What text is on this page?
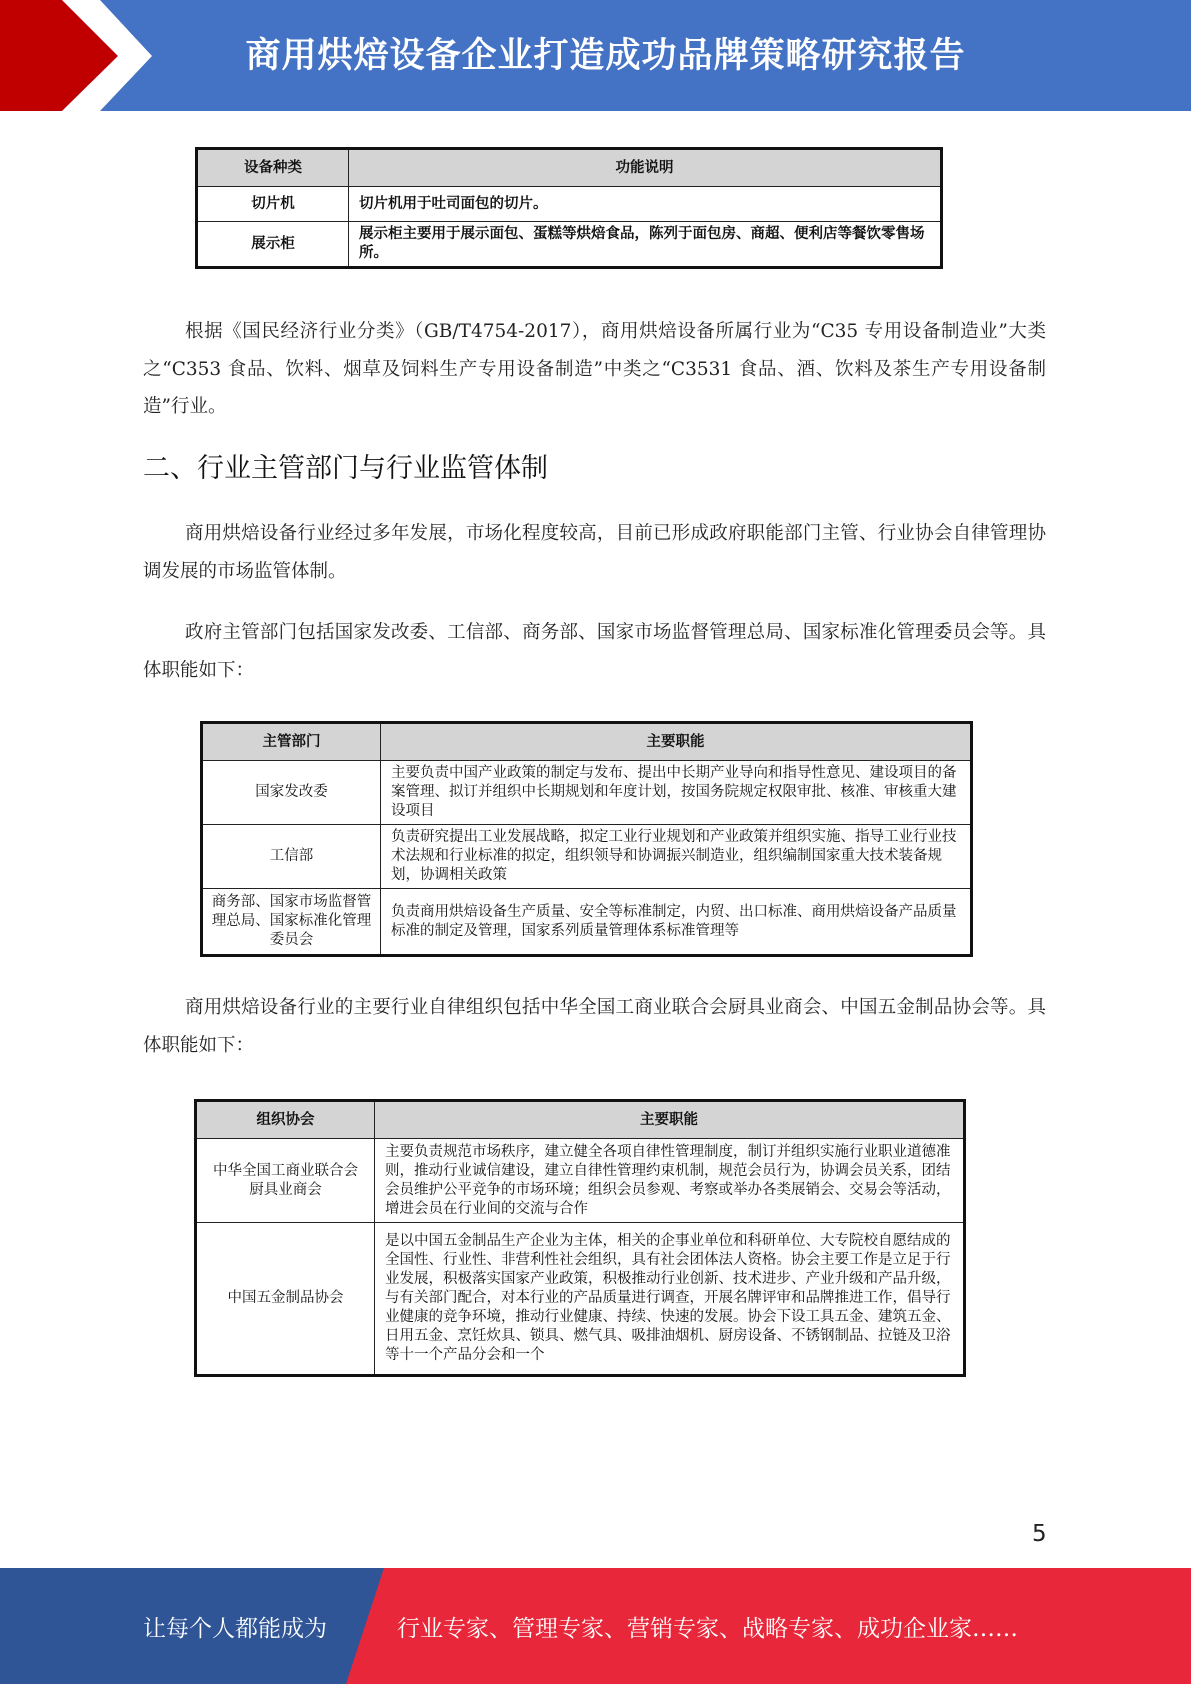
商用烘焙设备企业打造成功品牌策略研究报告
设备种类	功能说明
切片机	切片机用于吐司面包的切片。
展示柜	展示柜主要用于展示面包、蛋糕等烘焙食品，陈列于面包房、商超、便利店等餐饮零售场所。
根据《国民经济行业分类》（GB/T4754-2017），商用烘焙设备所属行业为“C35 专用设备制造业”大类之“C353 食品、饮料、烟草及饲料生产专用设备制造”中类之“C3531 食品、酒、饮料及茶生产专用设备制造”行业。
二、行业主管部门与行业监管体制
商用烘焙设备行业经过多年发展，市场化程度较高，目前已形成政府职能部门主管、行业协会自律管理协调发展的市场监管体制。
政府主管部门包括国家发改委、工信部、商务部、国家市场监督管理总局、国家标准化管理委员会等。具体职能如下：
主管部门	主要职能
国家发改委	主要负责中国产业政策的制定与发布、提出中长期产业导向和指导性意见、建设项目的备案管理、拟订并组织中长期规划和年度计划，按国务院规定权限审批、核准、审核重大建设项目
工信部	负责研究提出工业发展战略，拟定工业行业规划和产业政策并组织实施、指导工业行业技术法规和行业标准的拟定，组织领导和协调振兴制造业，组织编制国家重大技术装备规划，协调相关政策
商务部、国家市场监督管理总局、国家标准化管理委员会	负责商用烘焙设备生产质量、安全等标准制定，内贸、出口标准、商用烘焙设备产品质量标准的制定及管理，国家系列质量管理体系标准管理等
商用烘焙设备行业的主要行业自律组织包括中华全国工商业联合会厨具业商会、中国五金制品协会等。具体职能如下：
组织协会	主要职能
中华全国工商业联合会厨具业商会	主要负责规范市场秩序，建立健全各项自律性管理制度，制订并组织实施行业职业道德准则，推动行业诚信建设，建立自律性管理约束机制，规范会员行为，协调会员关系，团结会员维护公平竞争的市场环境；组织会员参观、考察或举办各类展销会、交易会等活动，增进会员在行业间的交流与合作
中国五金制品协会	是以中国五金制品生产企业为主体，相关的企事业单位和科研单位、大专院校自愿结成的全国性、行业性、非营利性社会组织，具有社会团体法人资格。协会主要工作是立足于行业发展，积极落实国家产业政策，积极推动行业创新、技术进步、产业升级和产品升级，与有关部门配合，对本行业的产品质量进行调查，开展名牌评审和品牌推进工作，倡导行业健康的竞争环境，推动行业健康、持续、快速的发展。协会下设工具五金、建筑五金、日用五金、烹饪炊具、锁具、燃气具、吸排油烟机、厨房设备、不锈钢制品、拉链及卫浴等十一个产品分会和一个
5
让每个人都能成为	行业专家、管理专家、营销专家、战略专家、成功企业家……
